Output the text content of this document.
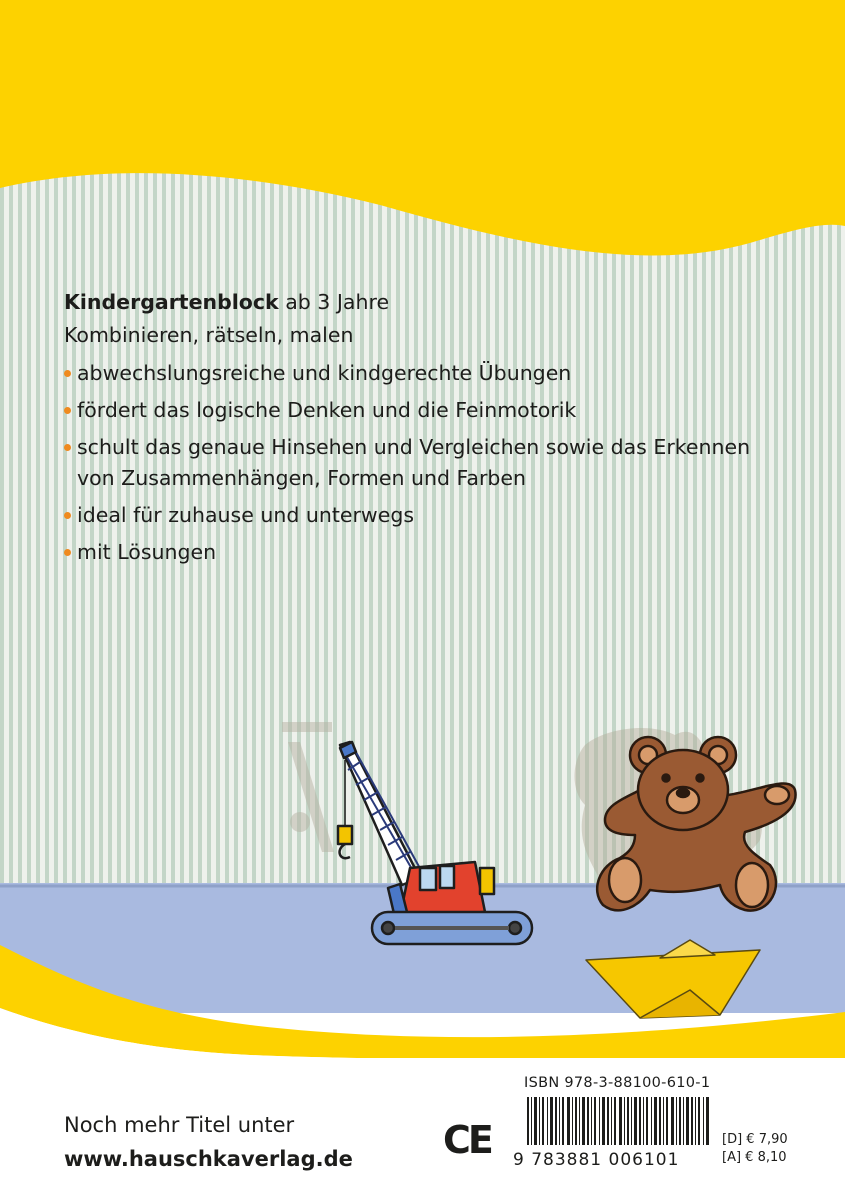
9 783881 006101
Kindergartenblock ab 3 Jahre
Kombinieren, rätseln, malen
abwechslungsreiche und kindgerechte Übungen
fördert das logische Denken und die Feinmotorik
schult das genaue Hinsehen und Vergleichen sowie das Erkennen von Zusammenhängen, Formen und Farben
ideal für zuhause und unterwegs
mit Lösungen
Noch mehr Titel unter
www.hauschkaverlag.de
ISBN 978-3-88100-610-1
CE	[D] € 7,90
[A] € 8,10
